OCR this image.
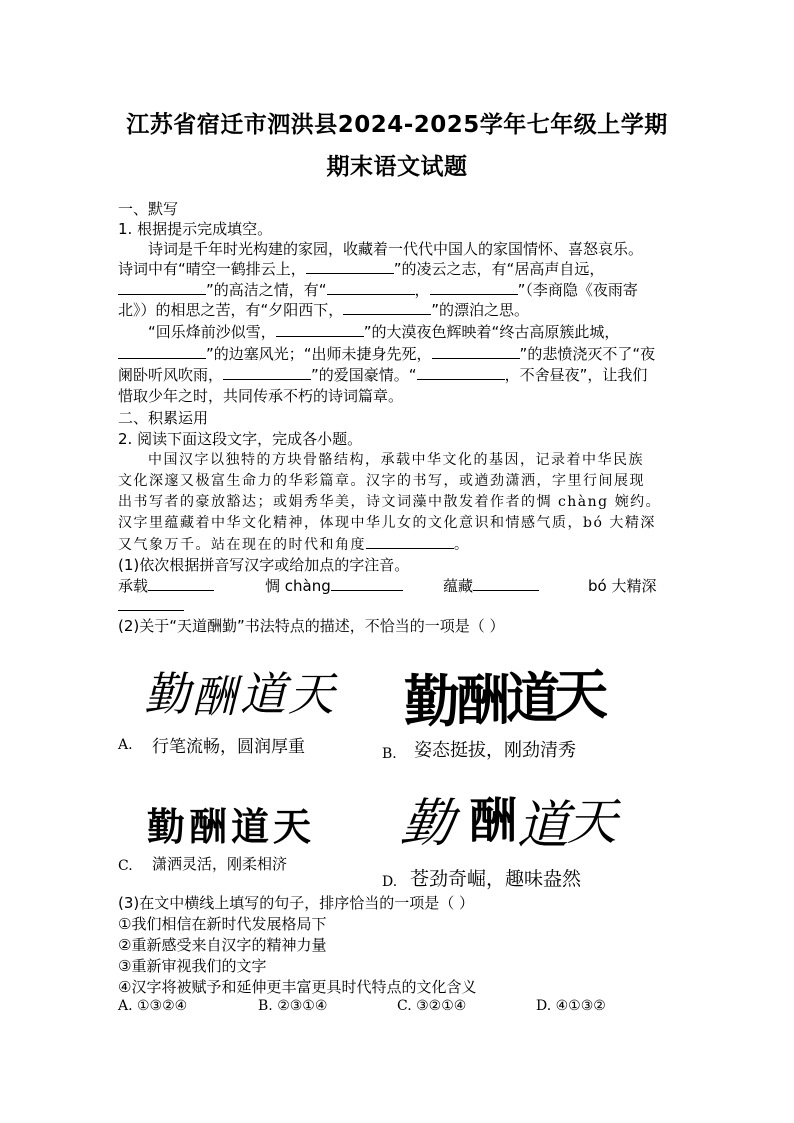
江苏省宿迁市泗洪县2024-2025学年七年级上学期
期末语文试题
一、默写
1. 根据提示完成填空。
诗词是千年时光构建的家园，收藏着一代代中国人的家国情怀、喜怒哀乐。
诗词中有“晴空一鹤排云上，	”的凌云之志，有“居高声自远，
”的高洁之情，有“	，	”（李商隐《夜雨寄
北》）的相思之苦，有“夕阳西下，	”的漂泊之思。
“回乐烽前沙似雪，	”的大漠夜色辉映着“终古高原簇此城，
”的边塞风光；“出师未捷身先死，	”的悲愤浇灭不了“夜
阑卧听风吹雨，	”的爱国豪情。“	，不舍昼夜”，让我们
惜取少年之时，共同传承不朽的诗词篇章。
二、积累运用
2. 阅读下面这段文字，完成各小题。
中国汉字以独特的方块骨骼结构，承载中华文化的基因，记录着中华民族
文化深邃又极富生命力的华彩篇章。汉字的书写，或遒劲潇洒，字里行间展现
出书写者的豪放豁达；或娟秀华美，诗文词藻中散发着作者的惆 chàng 婉约。
汉字里蕴藏着中华文化精神，体现中华儿女的文化意识和情感气质，bó 大精深
又气象万千。站在现在的时代和角度	。
(1)依次根据拼音写汉字或给加点的字注音。
承载	惆 chàng	蕴藏	bó 大精深
(2)关于“天道酬勤”书法特点的描述，不恰当的一项是（ ）
勤 酬 道 天
A. 行笔流畅，圆润厚重
勤
酬
道
天
B. 姿态挺拔，刚劲清秀
勤 酬 道 天
C. 潇洒灵活，刚柔相济
勤 酬 道
天
D. 苍劲奇崛，趣味盎然
(3)在文中横线上填写的句子，排序恰当的一项是（ ）
①我们相信在新时代发展格局下
②重新感受来自汉字的精神力量
③重新审视我们的文字
④汉字将被赋予和延伸更丰富更具时代特点的文化含义
A. ①③②④	B. ②③①④	C. ③②①④	D. ④①③②
